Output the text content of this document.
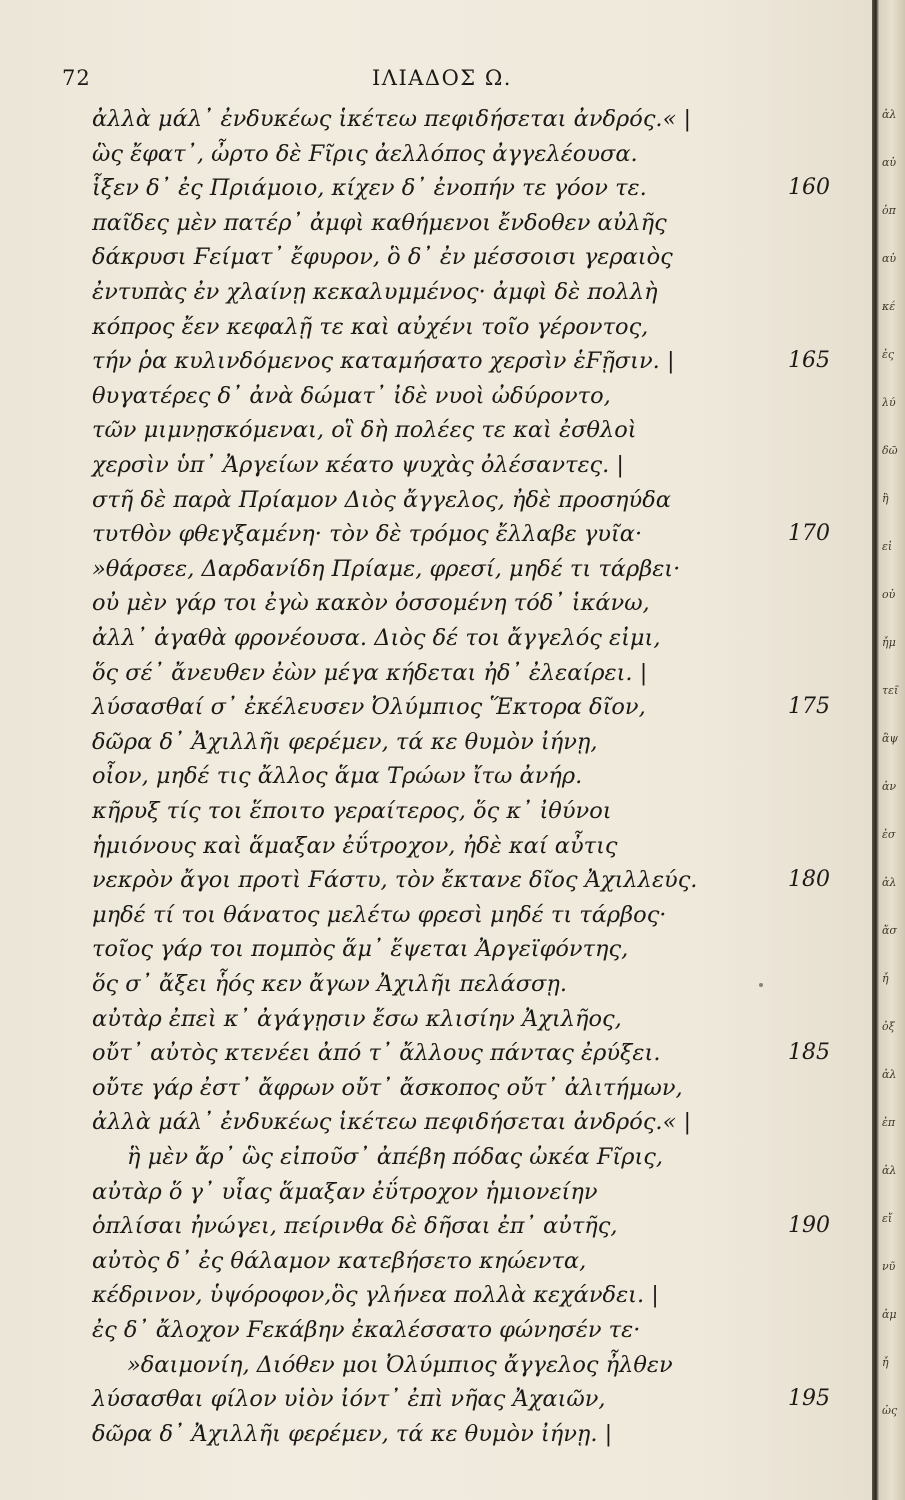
72	ΙΛΙΑΔΟΣ Ω.
ἀλλὰ μάλ᾽ ἐνδυκέως ἱκέτεω πεφιδήσεται ἀνδρός.« |
ὣς ἔφατ᾽, ὦρτο δὲ Ϝῖρις ἀελλόπος ἀγγελέουσα.
ἷξεν δ᾽ ἐς Πριάμοιο, κίχεν δ᾽ ἐνοπήν τε γόον τε.	160
παῖδες μὲν πατέρ᾽ ἀμφὶ καθήμενοι ἔνδοθεν αὐλῆς
δάκρυσι Ϝείματ᾽ ἔφυρον, ὃ δ᾽ ἐν μέσσοισι γεραιὸς
ἐντυπὰς ἐν χλαίνῃ κεκαλυμμένος· ἀμφὶ δὲ πολλὴ
κόπρος ἔεν κεφαλῇ τε καὶ αὐχένι τοῖο γέροντος,
τήν ῥα κυλινδόμενος καταμήσατο χερσὶν ἑϜῇσιν. |	165
θυγατέρες δ᾽ ἀνὰ δώματ᾽ ἰδὲ νυοὶ ὠδύροντο,
τῶν μιμνῃσκόμεναι, οἳ δὴ πολέες τε καὶ ἐσθλοὶ
χερσὶν ὑπ᾽ Ἀργείων κέατο ψυχὰς ὀλέσαντες. |
στῆ δὲ παρὰ Πρίαμον Διὸς ἄγγελος, ἠδὲ προσηύδα
τυτθὸν φθεγξαμένη· τὸν δὲ τρόμος ἔλλαβε γυῖα·	170
»θάρσεε, Δαρδανίδη Πρίαμε, φρεσί, μηδέ τι τάρβει·
οὐ μὲν γάρ τοι ἐγὼ κακὸν ὀσσομένη τόδ᾽ ἱκάνω,
ἀλλ᾽ ἀγαθὰ φρονέουσα. Διὸς δέ τοι ἄγγελός εἰμι,
ὅς σέ᾽ ἄνευθεν ἐὼν μέγα κήδεται ἠδ᾽ ἐλεαίρει. |
λύσασθαί σ᾽ ἐκέλευσεν Ὀλύμπιος Ἕκτορα δῖον,	175
δῶρα δ᾽ Ἀχιλλῆι φερέμεν, τά κε θυμὸν ἰήνῃ,
οἶον, μηδέ τις ἄλλος ἅμα Τρώων ἴτω ἀνήρ.
κῆρυξ τίς τοι ἕποιτο γεραίτερος, ὅς κ᾽ ἰθύνοι
ἡμιόνους καὶ ἅμαξαν ἐΰτροχον, ἠδὲ καί αὖτις
νεκρὸν ἄγοι προτὶ Ϝάστυ, τὸν ἔκτανε δῖος Ἀχιλλεύς.	180
μηδέ τί τοι θάνατος μελέτω φρεσὶ μηδέ τι τάρβος·
τοῖος γάρ τοι πομπὸς ἅμ᾽ ἕψεται Ἀργεϊφόντης,
ὅς σ᾽ ἄξει ἧός κεν ἄγων Ἀχιλῆι πελάσσῃ.
αὐτὰρ ἐπεὶ κ᾽ ἀγάγῃσιν ἔσω κλισίην Ἀχιλῆος,
οὔτ᾽ αὐτὸς κτενέει ἀπό τ᾽ ἄλλους πάντας ἐρύξει.	185
οὔτε γάρ ἐστ᾽ ἄφρων οὔτ᾽ ἄσκοπος οὔτ᾽ ἀλιτήμων,
ἀλλὰ μάλ᾽ ἐνδυκέως ἱκέτεω πεφιδήσεται ἀνδρός.« |
ἣ μὲν ἄρ᾽ ὣς εἰποῦσ᾽ ἀπέβη πόδας ὠκέα Ϝῖρις,
αὐτὰρ ὅ γ᾽ υἷας ἅμαξαν ἐΰτροχον ἡμιονείην
ὁπλίσαι ἠνώγει, πείρινθα δὲ δῆσαι ἐπ᾽ αὐτῆς,	190
αὐτὸς δ᾽ ἐς θάλαμον κατεβήσετο κηώεντα,
κέδρινον, ὑψόροφον,ὃς γλήνεα πολλὰ κεχάνδει. |
ἐς δ᾽ ἄλοχον Ϝεκάβην ἐκαλέσσατο φώνησέν τε·
»δαιμονίη, Διόθεν μοι Ὀλύμπιος ἄγγελος ἦλθεν
λύσασθαι φίλον υἱὸν ἰόντ᾽ ἐπὶ νῆας Ἀχαιῶν,	195
δῶρα δ᾽ Ἀχιλλῆι φερέμεν, τά κε θυμὸν ἰήνῃ. |
ἀλ
αὐ
ὁπ
αὐ
κέ
ἐς
λύ
δῶ
ἢ
εἰ
οὐ
ἦμ
τεῖ
ἂψ
ἀν
ἐσ
ἀλ
ἄσ
ἦ
ὀξ
ἀλ
ἐπ
ἀλ
εἴ
νῦ
ἀμ
ἦ
ὡς
